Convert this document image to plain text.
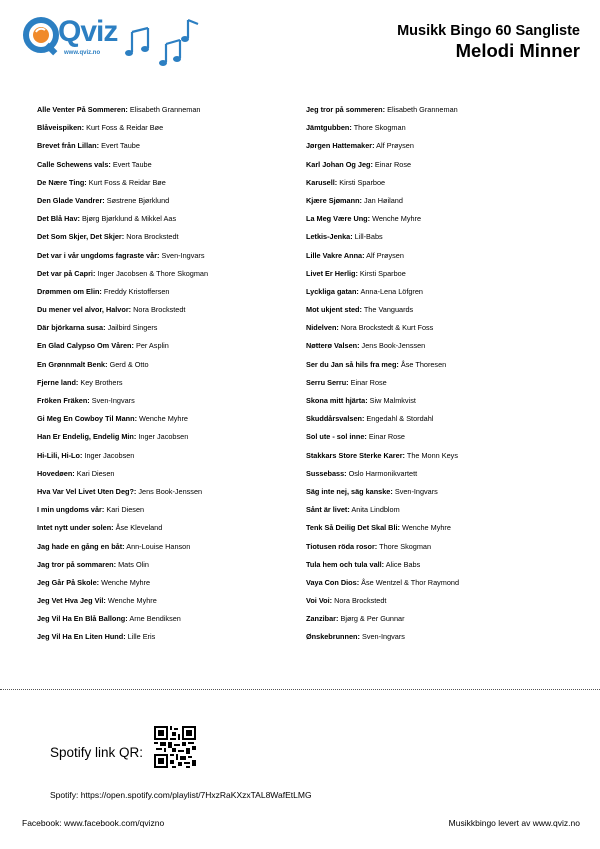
Qviz
www.qviz.no
Musikk Bingo 60 Sangliste
Melodi Minner
Alle Venter På Sommeren: Elisabeth Granneman
Blåveispiken: Kurt Foss & Reidar Bøe
Brevet från Lillan: Evert Taube
Calle Schewens vals: Evert Taube
De Nære Ting: Kurt Foss & Reidar Bøe
Den Glade Vandrer: Søstrene Bjørklund
Det Blå Hav: Bjørg Bjørklund & Mikkel Aas
Det Som Skjer, Det Skjer: Nora Brockstedt
Det var i vår ungdoms fagraste vår: Sven-Ingvars
Det var på Capri: Inger Jacobsen & Thore Skogman
Drømmen om Elin: Freddy Kristoffersen
Du mener vel alvor, Halvor: Nora Brockstedt
Där björkarna susa: Jailbird Singers
En Glad Calypso Om Våren: Per Asplin
En Grønnmalt Benk: Gerd & Otto
Fjerne land: Key Brothers
Fröken Fräken: Sven-Ingvars
Gi Meg En Cowboy Til Mann: Wenche Myhre
Han Er Endelig, Endelig Min: Inger Jacobsen
Hi-Lili, Hi-Lo: Inger Jacobsen
Hovedøen: Kari Diesen
Hva Var Vel Livet Uten Deg?: Jens Book-Jenssen
I min ungdoms vår: Kari Diesen
Intet nytt under solen: Åse Kleveland
Jag hade en gång en båt: Ann-Louise Hanson
Jag tror på sommaren: Mats Olin
Jeg Går På Skole: Wenche Myhre
Jeg Vet Hva Jeg Vil: Wenche Myhre
Jeg Vil Ha En Blå Ballong: Arne Bendiksen
Jeg Vil Ha En Liten Hund: Lille Eris
Jeg tror på sommeren: Elisabeth Granneman
Jämtgubben: Thore Skogman
Jørgen Hattemaker: Alf Prøysen
Karl Johan Og Jeg: Einar Rose
Karusell: Kirsti Sparboe
Kjære Sjømann: Jan Høiland
La Meg Være Ung: Wenche Myhre
Letkis-Jenka: Lill-Babs
Lille Vakre Anna: Alf Prøysen
Livet Er Herlig: Kirsti Sparboe
Lyckliga gatan: Anna-Lena Löfgren
Mot ukjent sted: The Vanguards
Nidelven: Nora Brockstedt & Kurt Foss
Nøtterø Valsen: Jens Book-Jenssen
Ser du Jan så hils fra meg: Åse Thoresen
Serru Serru: Einar Rose
Skona mitt hjärta: Siw Malmkvist
Skuddårsvalsen: Engedahl & Stordahl
Sol ute - sol inne: Einar Rose
Stakkars Store Sterke Karer: The Monn Keys
Sussebass: Oslo Harmonikvartett
Säg inte nej, säg kanske: Sven-Ingvars
Sånt är livet: Anita Lindblom
Tenk Så Deilig Det Skal Bli: Wenche Myhre
Tiotusen röda rosor: Thore Skogman
Tula hem och tula vall: Alice Babs
Vaya Con Dios: Åse Wentzel & Thor Raymond
Voi Voi: Nora Brockstedt
Zanzibar: Bjørg & Per Gunnar
Ønskebrunnen: Sven-Ingvars
Spotify link QR:
Spotify: https://open.spotify.com/playlist/7HxzRaKXzxTAL8WafEtLMG
Facebook: www.facebook.com/qvizno	Musikkbingo levert av www.qviz.no
